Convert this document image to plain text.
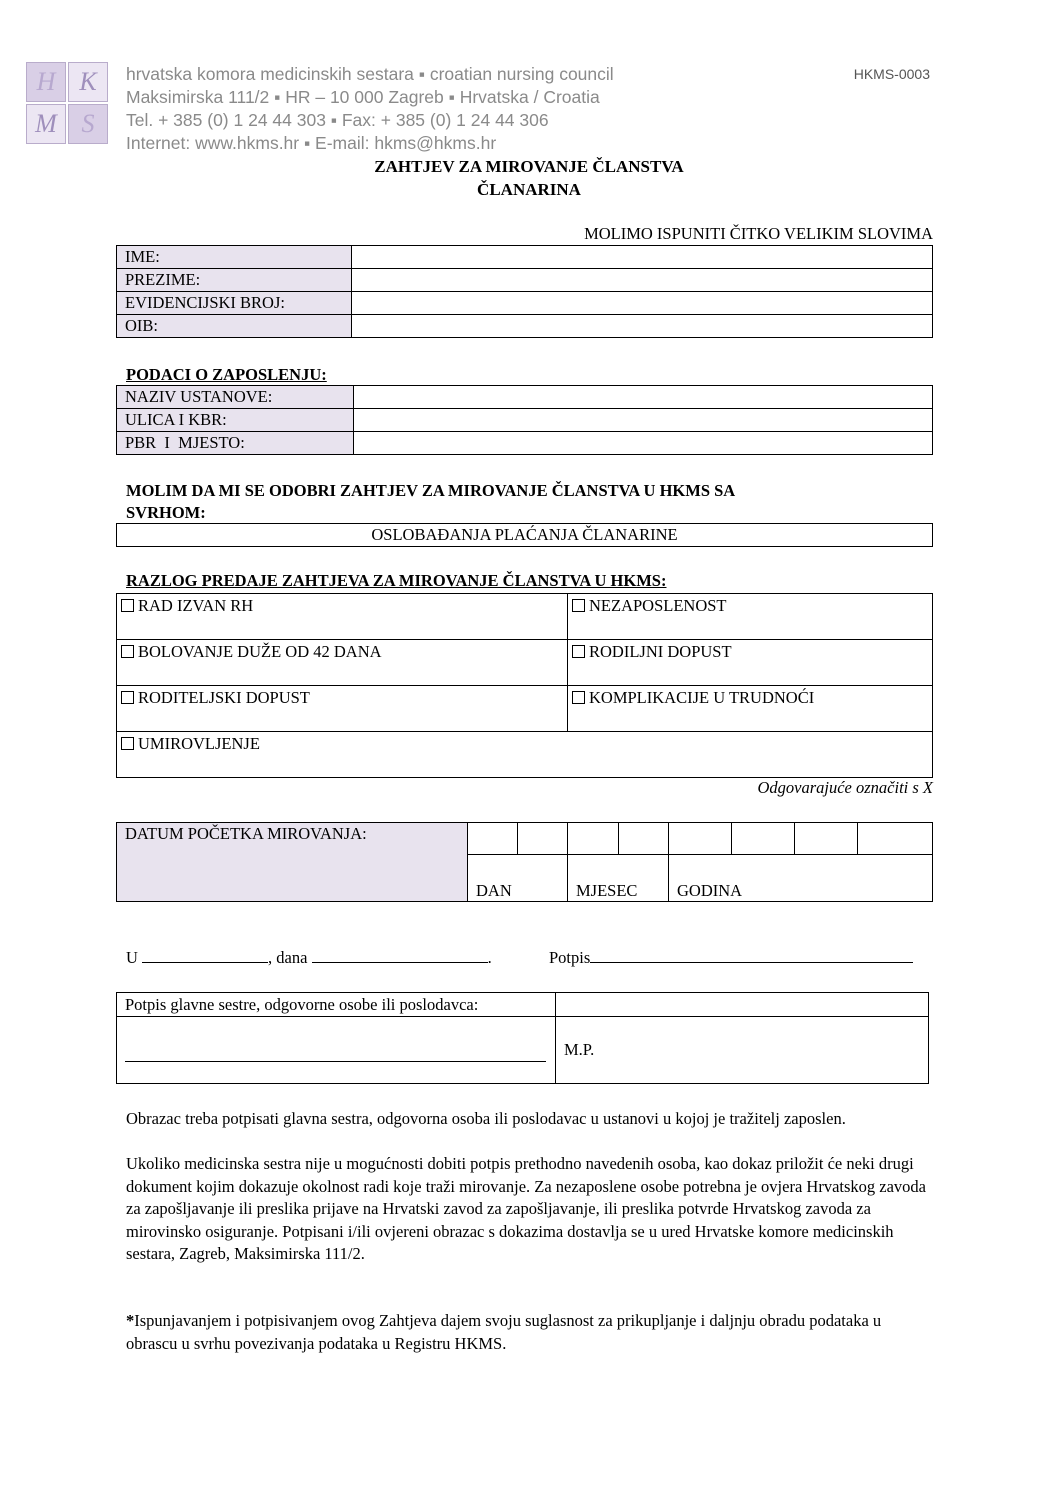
H K
M S
hrvatska komora medicinskih sestara ▪ croatian nursing council
Maksimirska 111/2 ▪ HR – 10 000 Zagreb ▪ Hrvatska / Croatia
Tel. + 385 (0) 1 24 44 303 ▪ Fax: + 385 (0) 1 24 44 306
Internet: www.hkms.hr ▪ E-mail: hkms@hkms.hr
HKMS-0003
ZAHTJEV ZA MIROVANJE ČLANSTVA
ČLANARINA
MOLIMO ISPUNITI ČITKO VELIKIM SLOVIMA
IME:	
PREZIME:	
EVIDENCIJSKI BROJ:	
OIB:	
PODACI O ZAPOSLENJU:
NAZIV USTANOVE:	
ULICA I KBR:	
PBR  I  MJESTO:	
MOLIM DA MI SE ODOBRI ZAHTJEV ZA MIROVANJE ČLANSTVA U HKMS SA
SVRHOM:
OSLOBAĐANJA PLAĆANJA ČLANARINE
RAZLOG PREDAJE ZAHTJEVA ZA MIROVANJE ČLANSTVA U HKMS:
RAD IZVAN RH	NEZAPOSLENOST
BOLOVANJE DUŽE OD 42 DANA	RODILJNI DOPUST
RODITELJSKI DOPUST	KOMPLIKACIJE U TRUDNOĆI
UMIROVLJENJE	
Odgovarajuće označiti s X
DATUM POČETKA MIROVANJA:								
	DAN		MJESEC		GODINA			
U	, dana	.	Potpis
Potpis glavne sestre, odgovorne osobe ili poslodavca:	

	M.P.
Obrazac treba potpisati glavna sestra, odgovorna osoba ili poslodavac u ustanovi u kojoj je tražitelj zaposlen.
Ukoliko medicinska sestra nije u mogućnosti dobiti potpis prethodno navedenih osoba, kao dokaz priložit će neki drugi dokument kojim dokazuje okolnost radi koje traži mirovanje. Za nezaposlene osobe potrebna je ovjera Hrvatskog zavoda za zapošljavanje ili preslika prijave na Hrvatski zavod za zapošljavanje, ili preslika potvrde Hrvatskog zavoda za mirovinsko osiguranje. Potpisani i/ili ovjereni obrazac s dokazima dostavlja se u ured Hrvatske komore medicinskih sestara, Zagreb, Maksimirska 111/2.
*Ispunjavanjem i potpisivanjem ovog Zahtjeva dajem svoju suglasnost za prikupljanje i daljnju obradu podataka u obrascu u svrhu povezivanja podataka u Registru HKMS.
